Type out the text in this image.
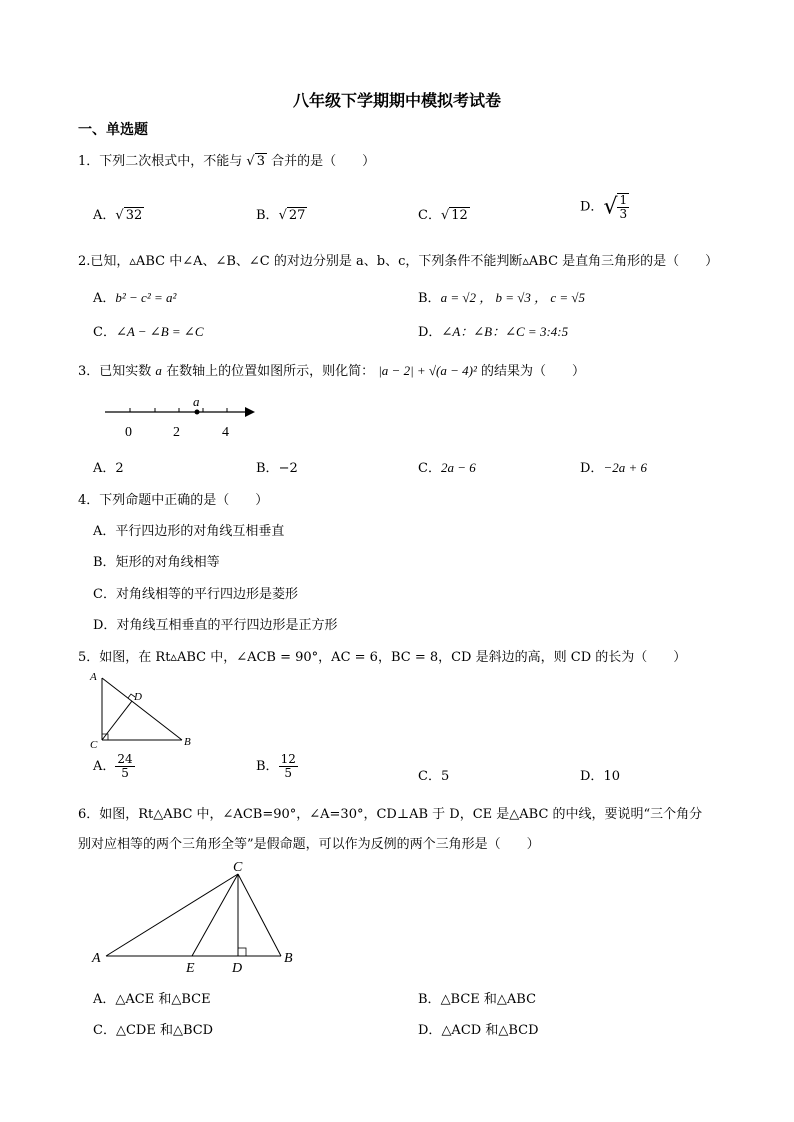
八年级下学期期中模拟考试卷
一、单选题
1．下列二次根式中，不能与 √ 3 合并的是（　　）
A．√ 32	B．√ 27	C．√ 12
D．√ $\frac{1}{3}$
2.已知，▵ABC 中∠A、∠B、∠C 的对边分别是 a、b、c，下列条件不能判断▵ABC 是直角三角形的是（　　）
A．b² − c² = a²	B．a = √2 ， b = √3 ， c = √5
C．∠A − ∠B = ∠C	D．∠A：∠B：∠C = 3:4:5
3．已知实数 a 在数轴上的位置如图所示，则化简： |a − 2| + √(a − 4)² 的结果为（　　）
a
0	2	4
A．2	B．−2	C．2a − 6	D．−2a + 6
4．下列命题中正确的是（　　）
A．平行四边形的对角线互相垂直
B．矩形的对角线相等
C．对角线相等的平行四边形是菱形
D．对角线互相垂直的平行四边形是正方形
5．如图，在 Rt▵ABC 中，∠ACB = 90°，AC = 6，BC = 8，CD 是斜边的高，则 CD 的长为（　　）
A
C	B
D
A． $\frac{24}{5}$	B． $\frac{12}{5}$	C．5	D．10
6．如图，Rt△ABC 中，∠ACB=90°，∠A=30°，CD⊥AB 于 D，CE 是△ABC 的中线，要说明“三个角分
别对应相等的两个三角形全等”是假命题，可以作为反例的两个三角形是（　　）
A
C
B
E	D
A．△ACE 和△BCE	B．△BCE 和△ABC
C．△CDE 和△BCD	D．△ACD 和△BCD
